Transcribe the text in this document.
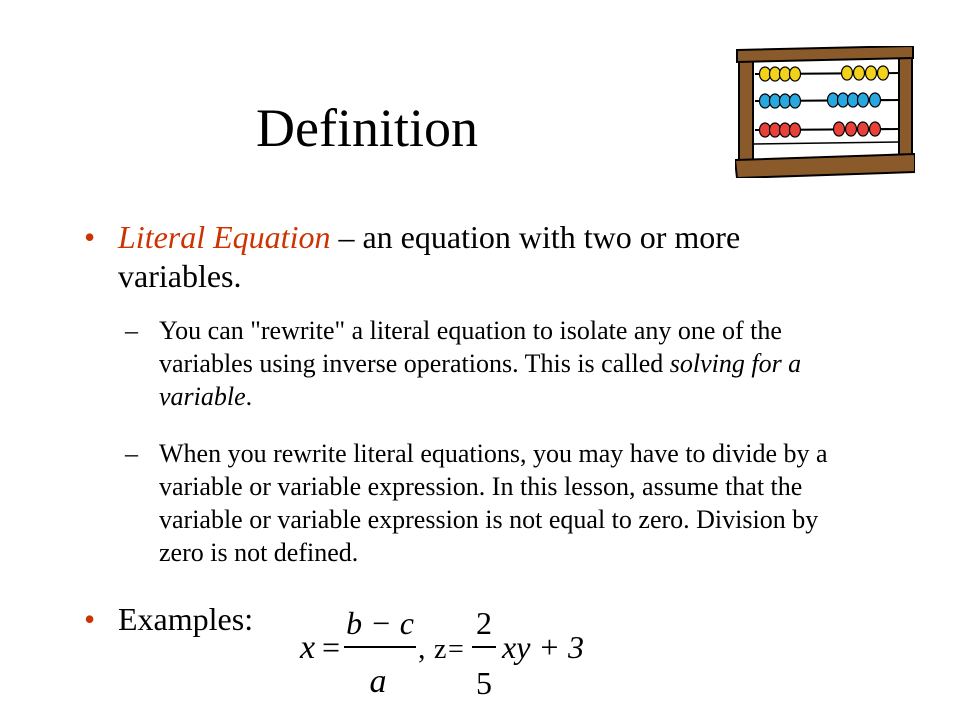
Definition
• Literal Equation – an equation with two or more variables.
– You can "rewrite" a literal equation to isolate any one of the variables using inverse operations. This is called solving for a variable.
– When you rewrite literal equations, you may have to divide by a variable or variable expression. In this lesson, assume that the variable or variable expression is not equal to zero. Division by zero is not defined.
• Examples:
x =
b − c
a
, z =
2
5
xy + 3
